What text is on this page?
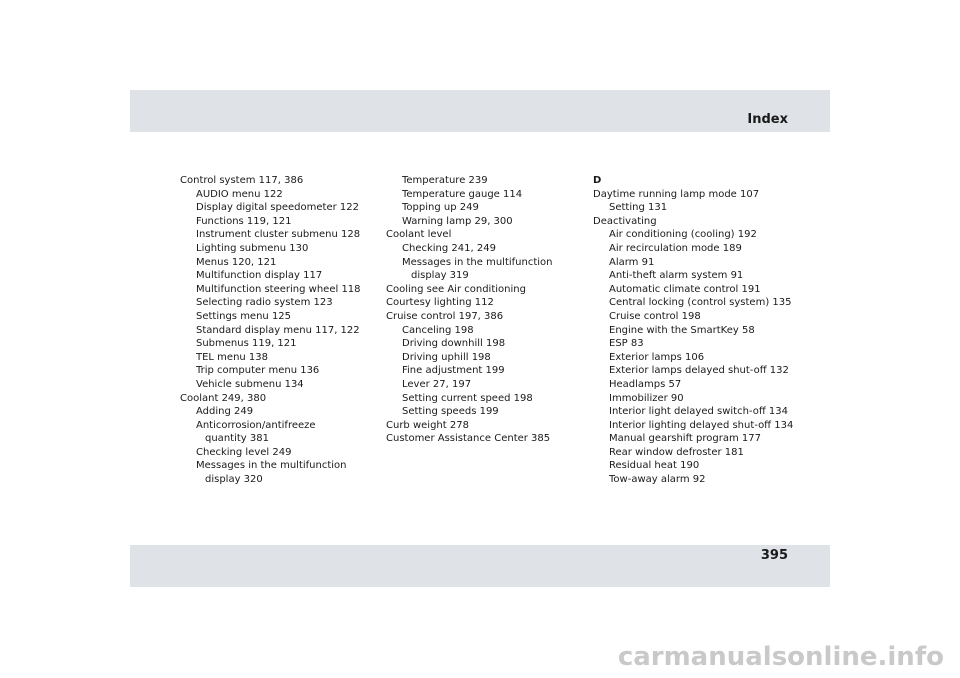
Index
Control system 117, 386
AUDIO menu 122
Display digital speedometer 122
Functions 119, 121
Instrument cluster submenu 128
Lighting submenu 130
Menus 120, 121
Multifunction display 117
Multifunction steering wheel 118
Selecting radio system 123
Settings menu 125
Standard display menu 117, 122
Submenus 119, 121
TEL menu 138
Trip computer menu 136
Vehicle submenu 134
Coolant 249, 380
Adding 249
Anticorrosion/antifreeze
quantity 381
Checking level 249
Messages in the multifunction
display 320
Temperature 239
Temperature gauge 114
Topping up 249
Warning lamp 29, 300
Coolant level
Checking 241, 249
Messages in the multifunction
display 319
Cooling see Air conditioning
Courtesy lighting 112
Cruise control 197, 386
Canceling 198
Driving downhill 198
Driving uphill 198
Fine adjustment 199
Lever 27, 197
Setting current speed 198
Setting speeds 199
Curb weight 278
Customer Assistance Center 385
D
Daytime running lamp mode 107
Setting 131
Deactivating
Air conditioning (cooling) 192
Air recirculation mode 189
Alarm 91
Anti-theft alarm system 91
Automatic climate control 191
Central locking (control system) 135
Cruise control 198
Engine with the SmartKey 58
ESP 83
Exterior lamps 106
Exterior lamps delayed shut-off 132
Headlamps 57
Immobilizer 90
Interior light delayed switch-off 134
Interior lighting delayed shut-off 134
Manual gearshift program 177
Rear window defroster 181
Residual heat 190
Tow-away alarm 92
395
carmanualsonline.info
